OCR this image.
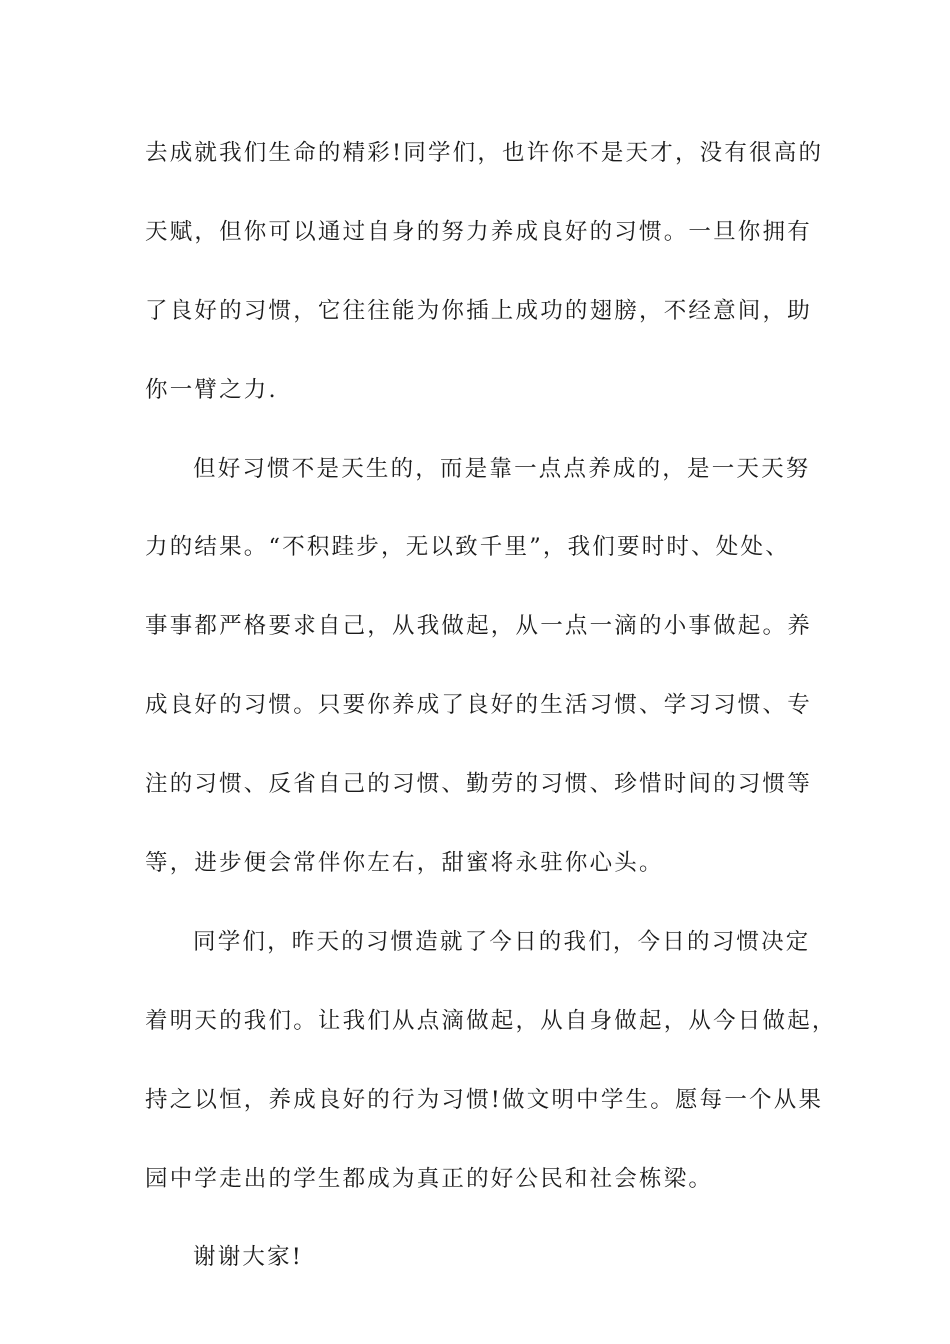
去成就我们生命的精彩!同学们，也许你不是天才，没有很高的
天赋，但你可以通过自身的努力养成良好的习惯。一旦你拥有
了良好的习惯，它往往能为你插上成功的翅膀，不经意间，助
你一臂之力.
但好习惯不是天生的，而是靠一点点养成的，是一天天努
力的结果。“不积跬步，无以致千里”，我们要时时、处处、
事事都严格要求自己，从我做起，从一点一滴的小事做起。养
成良好的习惯。只要你养成了良好的生活习惯、学习习惯、专
注的习惯、反省自己的习惯、勤劳的习惯、珍惜时间的习惯等
等，进步便会常伴你左右，甜蜜将永驻你心头。
同学们，昨天的习惯造就了今日的我们，今日的习惯决定
着明天的我们。让我们从点滴做起，从自身做起，从今日做起，
持之以恒，养成良好的行为习惯!做文明中学生。愿每一个从果
园中学走出的学生都成为真正的好公民和社会栋梁。
谢谢大家!
